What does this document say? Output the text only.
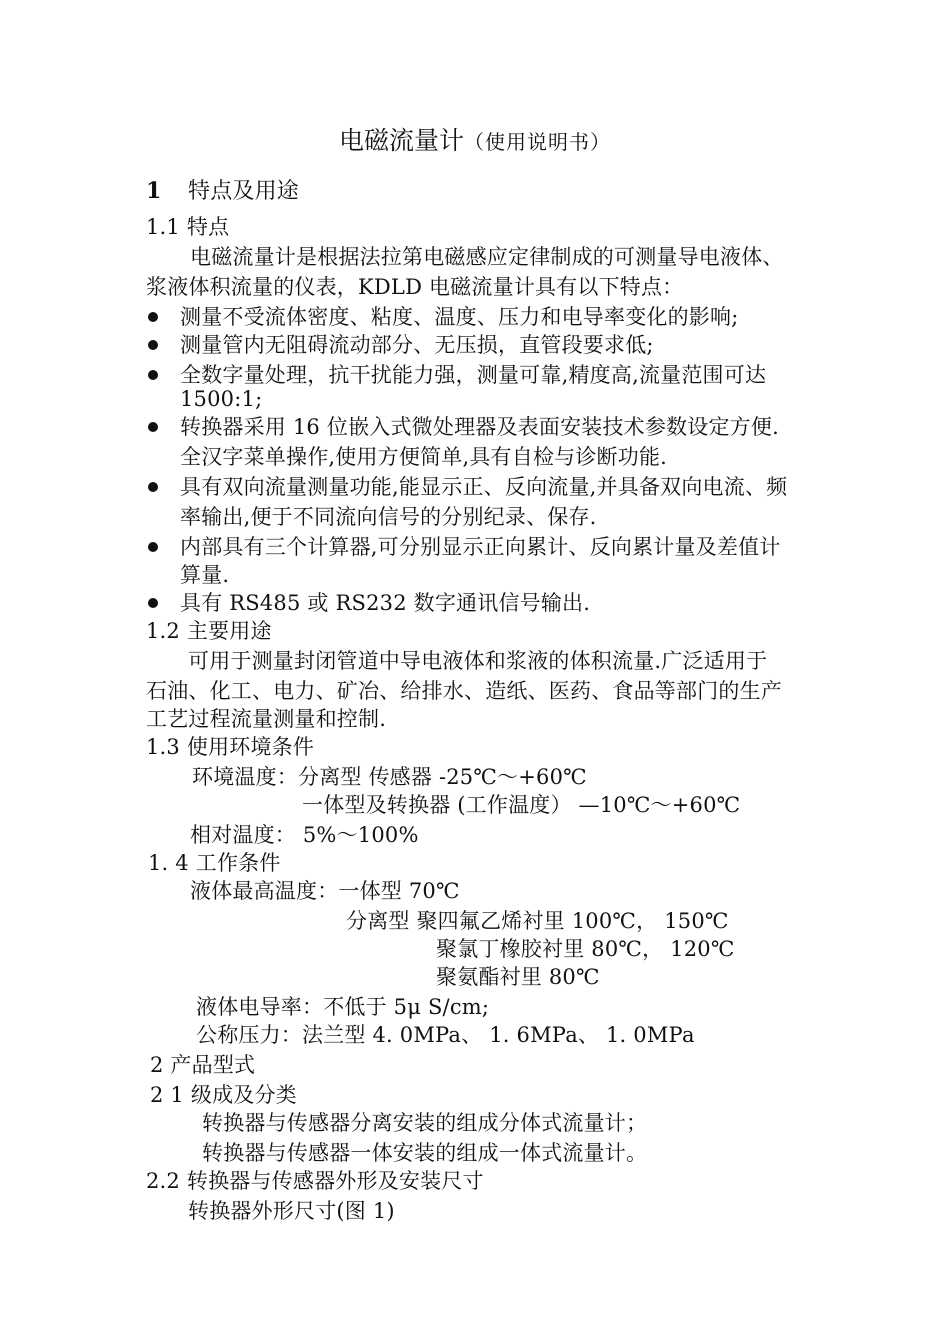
电磁流量计（使用说明书）
1 特点及用途
1.1 特点
电磁流量计是根据法拉第电磁感应定律制成的可测量导电液体、
浆液体积流量的仪表，KDLD 电磁流量计具有以下特点：
测量不受流体密度、粘度、温度、压力和电导率变化的影响;
测量管内无阻碍流动部分、无压损，直管段要求低;
全数字量处理，抗干扰能力强，测量可靠,精度高,流量范围可达
1500:1;
转换器采用 16 位嵌入式微处理器及表面安装技术参数设定方便.
全汉字菜单操作,使用方便简单,具有自检与诊断功能.
具有双向流量测量功能,能显示正、反向流量,并具备双向电流、频
率输出,便于不同流向信号的分别纪录、保存.
内部具有三个计算器,可分别显示正向累计、反向累计量及差值计
算量.
具有 RS485 或 RS232 数字通讯信号输出.
1.2 主要用途
可用于测量封闭管道中导电液体和浆液的体积流量.广泛适用于
石油、化工、电力、矿冶、给排水、造纸、医药、食品等部门的生产
工艺过程流量测量和控制.
1.3 使用环境条件
环境温度：分离型 传感器 -25℃～+60℃
一体型及转换器 (工作温度） —10℃～+60℃
相对温度： 5%～100%
1. 4 工作条件
液体最高温度：一体型 70℃
分离型 聚四氟乙烯衬里 100℃， 150℃
聚氯丁橡胶衬里 80℃， 120℃
聚氨酯衬里 80℃
液体电导率：不低于 5μ S/cm;
公称压力：法兰型 4. 0MPa、 1. 6MPa、 1. 0MPa
2 产品型式
2 1 级成及分类
转换器与传感器分离安装的组成分体式流量计；
转换器与传感器一体安装的组成一体式流量计。
2.2 转换器与传感器外形及安装尺寸
转换器外形尺寸(图 1)
